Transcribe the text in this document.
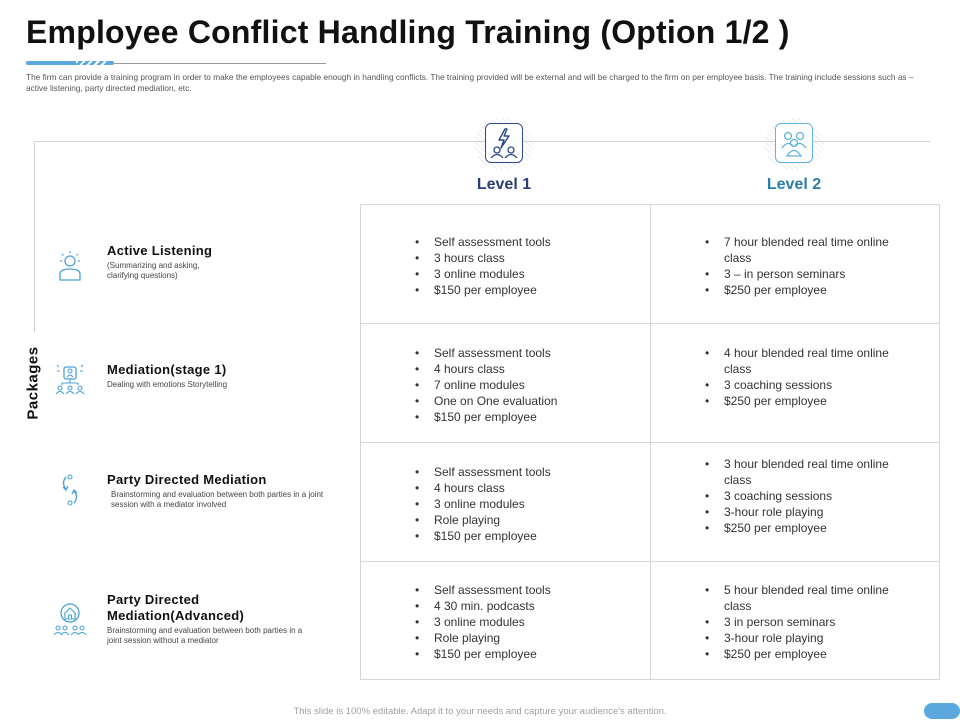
Employee Conflict Handling Training (Option 1/2 )
The firm can provide a training program in order to make the employees capable enough in handling conflicts. The training provided will be external and will be charged to the firm on per employee basis. The training include sessions such as – active listening, party directed mediation, etc.
Packages
Level 1	Level 2
Active Listening
(Summarizing and asking, clarifying questions)
Mediation(stage 1)
Dealing with emotions Storytelling
Party Directed Mediation
Brainstorming and evaluation between both parties in a joint session with a mediator involved
Party Directed Mediation(Advanced)
Brainstorming and evaluation between both parties in a joint session without a mediator
• Self assessment tools
• 3 hours class
• 3 online modules
• $150 per employee
• 7 hour blended real time online class
• 3 – in person seminars
• $250 per employee
• Self assessment tools
• 4 hours class
• 7 online modules
• One on One evaluation
• $150 per employee
• 4 hour blended real time online class
• 3 coaching sessions
• $250 per employee
• Self assessment tools
• 4 hours class
• 3 online modules
• Role playing
• $150 per employee
• 3 hour blended real time online class
• 3 coaching sessions
• 3-hour role playing
• $250 per employee
• Self assessment tools
• 4 30 min. podcasts
• 3 online modules
• Role playing
• $150 per employee
• 5 hour blended real time online class
• 3 in person seminars
• 3-hour role playing
• $250 per employee
This slide is 100% editable. Adapt it to your needs and capture your audience's attention.
